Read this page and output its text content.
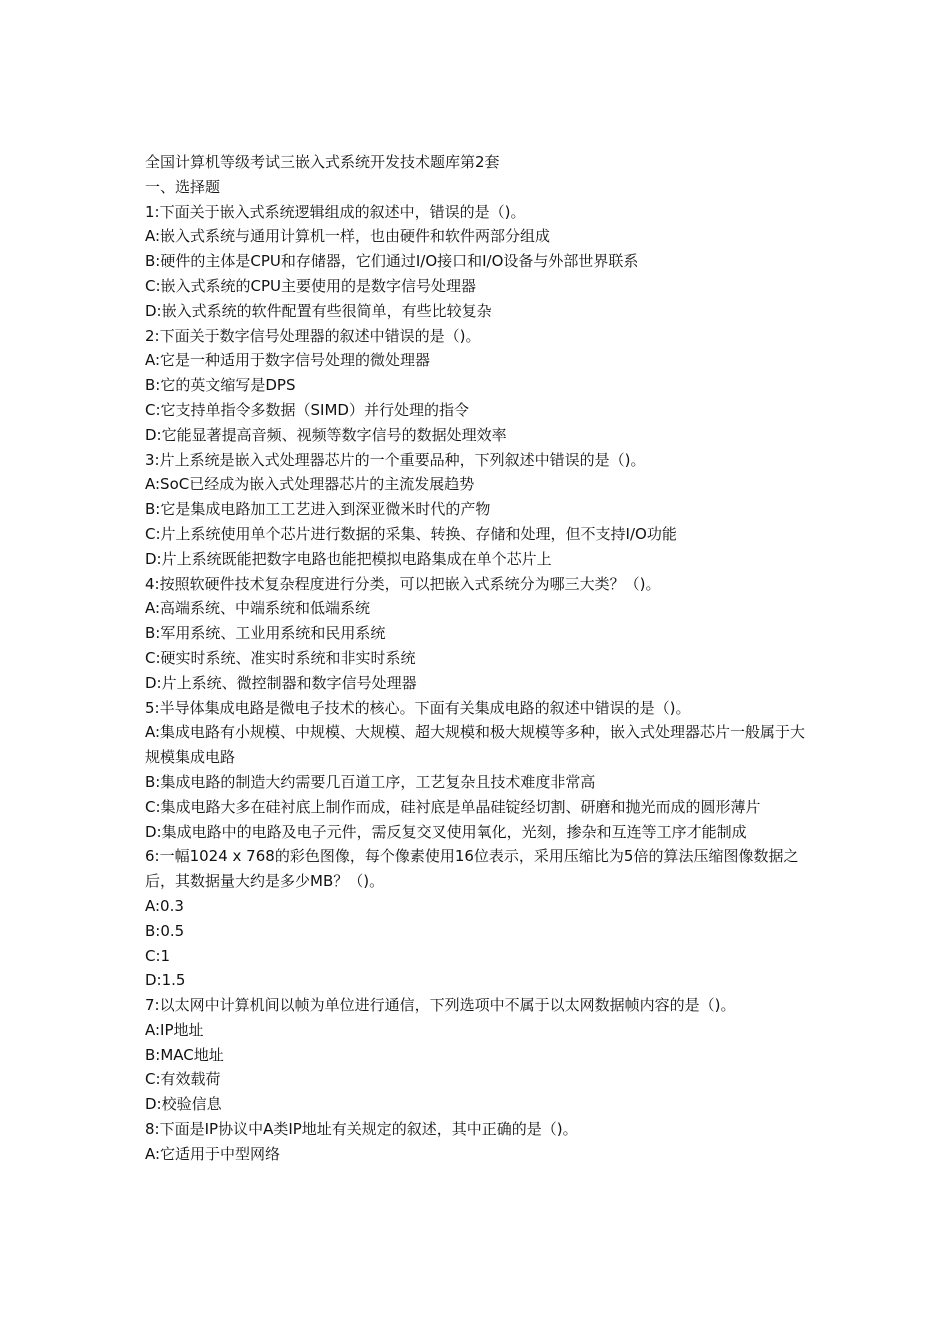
全国计算机等级考试三嵌入式系统开发技术题库第2套

一、选择题

1:下面关于嵌入式系统逻辑组成的叙述中，错误的是（)。

A:嵌入式系统与通用计算机一样，也由硬件和软件两部分组成

B:硬件的主体是CPU和存储器，它们通过I/O接口和I/O设备与外部世界联系

C:嵌入式系统的CPU主要使用的是数字信号处理器

D:嵌入式系统的软件配置有些很简单，有些比较复杂

2:下面关于数字信号处理器的叙述中错误的是（)。

A:它是一种适用于数字信号处理的微处理器

B:它的英文缩写是DPS

C:它支持单指令多数据（SIMD）并行处理的指令

D:它能显著提高音频、视频等数字信号的数据处理效率

3:片上系统是嵌入式处理器芯片的一个重要品种，下列叙述中错误的是（)。

A:SoC已经成为嵌入式处理器芯片的主流发展趋势

B:它是集成电路加工工艺进入到深亚微米时代的产物

C:片上系统使用单个芯片进行数据的采集、转换、存储和处理，但不支持I/O功能

D:片上系统既能把数字电路也能把模拟电路集成在单个芯片上

4:按照软硬件技术复杂程度进行分类，可以把嵌入式系统分为哪三大类？（)。

A:高端系统、中端系统和低端系统

B:军用系统、工业用系统和民用系统

C:硬实时系统、准实时系统和非实时系统

D:片上系统、微控制器和数字信号处理器

5:半导体集成电路是微电子技术的核心。下面有关集成电路的叙述中错误的是（)。

A:集成电路有小规模、中规模、大规模、超大规模和极大规模等多种，嵌入式处理器芯片一般属于大规模集成电路

B:集成电路的制造大约需要几百道工序，工艺复杂且技术难度非常高

C:集成电路大多在硅衬底上制作而成，硅衬底是单晶硅锭经切割、研磨和抛光而成的圆形薄片

D:集成电路中的电路及电子元件，需反复交叉使用氧化，光刻，掺杂和互连等工序才能制成

6:一幅1024 x 768的彩色图像，每个像素使用16位表示，采用压缩比为5倍的算法压缩图像数据之后，其数据量大约是多少MB？（)。

A:0.3

B:0.5

C:1

D:1.5

7:以太网中计算机间以帧为单位进行通信，下列选项中不属于以太网数据帧内容的是（)。

A:IP地址

B:MAC地址

C:有效载荷

D:校验信息

8:下面是IP协议中A类IP地址有关规定的叙述，其中正确的是（)。

A:它适用于中型网络
